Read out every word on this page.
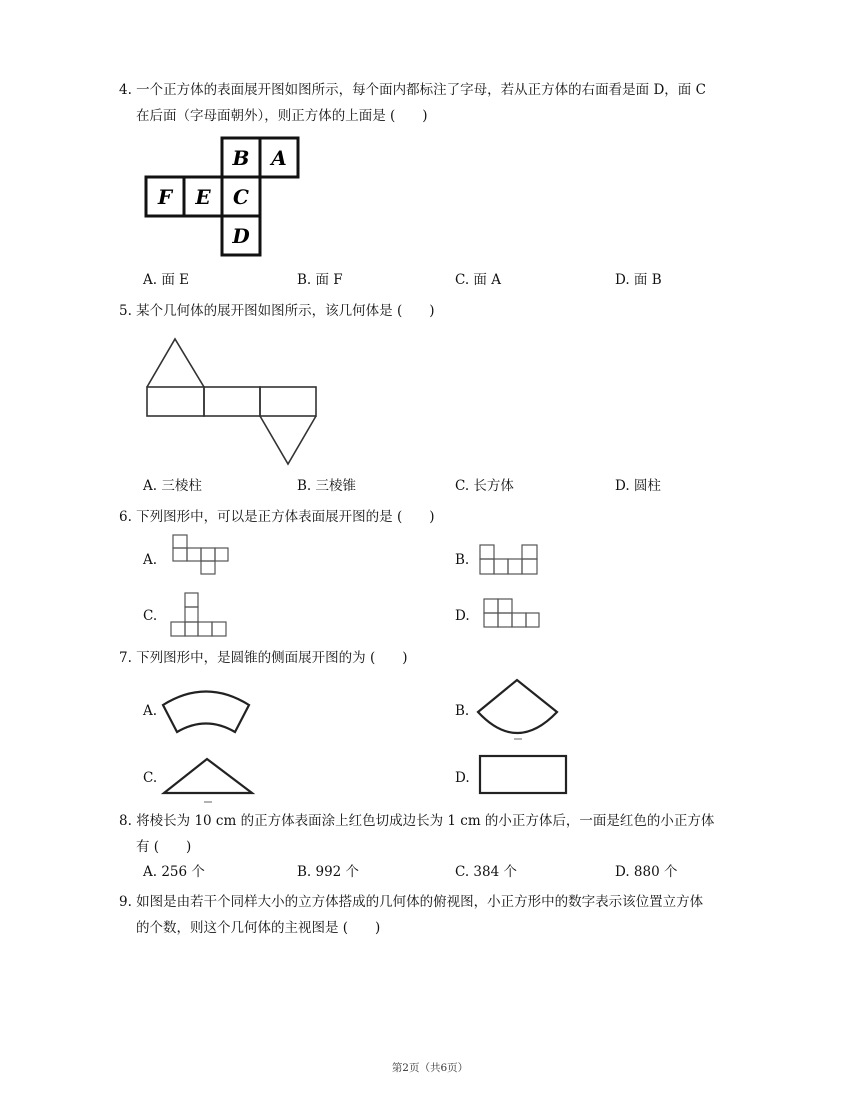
4. 一个正方体的表面展开图如图所示，每个面内都标注了字母，若从正方体的右面看是面 D，面 C
在后面（字母面朝外），则正方体的上面是 (　　)
B A
F E C
D
A. 面 E	B. 面 F	C. 面 A	D. 面 B
5. 某个几何体的展开图如图所示，该几何体是 (　　)
A. 三棱柱	B. 三棱锥	C. 长方体	D. 圆柱
6. 下列图形中，可以是正方体表面展开图的是 (　　)
A.	B.
C.	D.
7. 下列图形中，是圆锥的侧面展开图的为 (　　)
A.	B.
C.	D.
8. 将棱长为 10 cm 的正方体表面涂上红色切成边长为 1 cm 的小正方体后，一面是红色的小正方体
有 (　　)
A. 256 个	B. 992 个	C. 384 个	D. 880 个
9. 如图是由若干个同样大小的立方体搭成的几何体的俯视图，小正方形中的数字表示该位置立方体
的个数，则这个几何体的主视图是 (　　)
第2页（共6页）
